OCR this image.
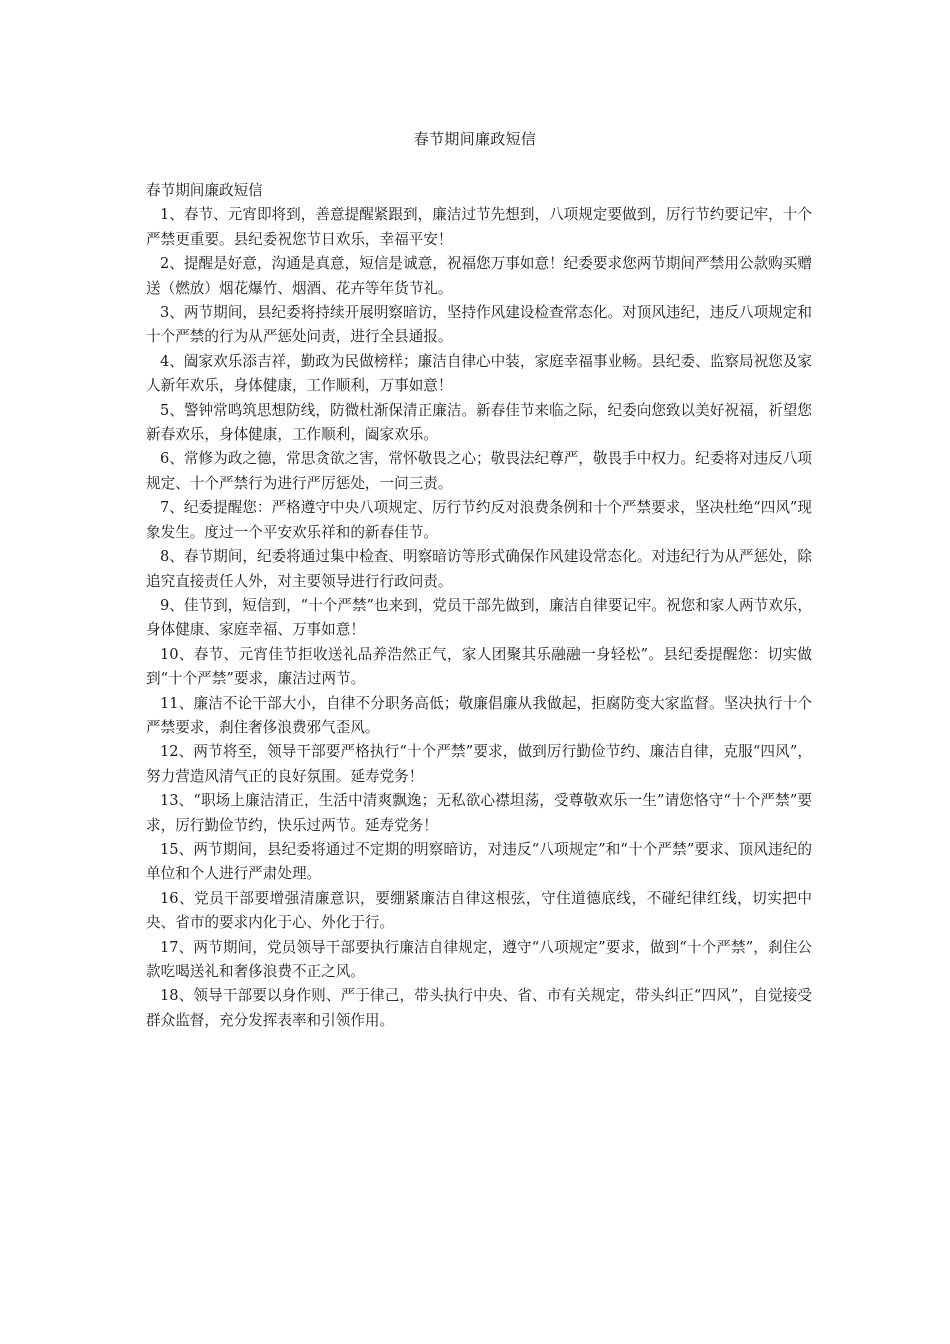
春节期间廉政短信

春节期间廉政短信

1、春节、元宵即将到，善意提醒紧跟到，廉洁过节先想到，八项规定要做到，厉行节约要记牢，十个严禁更重要。县纪委祝您节日欢乐，幸福平安！

2、提醒是好意，沟通是真意，短信是诚意，祝福您万事如意！纪委要求您两节期间严禁用公款购买赠送（燃放）烟花爆竹、烟酒、花卉等年货节礼。

3、两节期间，县纪委将持续开展明察暗访，坚持作风建设检查常态化。对顶风违纪，违反八项规定和十个严禁的行为从严惩处问责，进行全县通报。

4、阖家欢乐添吉祥，勤政为民做榜样；廉洁自律心中装，家庭幸福事业畅。县纪委、监察局祝您及家人新年欢乐，身体健康，工作顺利，万事如意！

5、警钟常鸣筑思想防线，防微杜渐保清正廉洁。新春佳节来临之际，纪委向您致以美好祝福，祈望您新春欢乐，身体健康，工作顺利，阖家欢乐。

6、常修为政之德，常思贪欲之害，常怀敬畏之心；敬畏法纪尊严，敬畏手中权力。纪委将对违反八项规定、十个严禁行为进行严厉惩处，一问三责。

7、纪委提醒您：严格遵守中央八项规定、厉行节约反对浪费条例和十个严禁要求，坚决杜绝“四风”现象发生。度过一个平安欢乐祥和的新春佳节。

8、春节期间，纪委将通过集中检查、明察暗访等形式确保作风建设常态化。对违纪行为从严惩处，除追究直接责任人外，对主要领导进行行政问责。

9、佳节到，短信到，“十个严禁”也来到，党员干部先做到，廉洁自律要记牢。祝您和家人两节欢乐，身体健康、家庭幸福、万事如意！

10、春节、元宵佳节拒收送礼品养浩然正气，家人团聚其乐融融一身轻松”。县纪委提醒您：切实做到“十个严禁”要求，廉洁过两节。

11、廉洁不论干部大小，自律不分职务高低；敬廉倡廉从我做起，拒腐防变大家监督。坚决执行十个严禁要求，刹住奢侈浪费邪气歪风。

12、两节将至，领导干部要严格执行“十个严禁”要求，做到厉行勤俭节约、廉洁自律，克服“四风”，努力营造风清气正的良好氛围。延寿党务！

13、“职场上廉洁清正，生活中清爽飘逸；无私欲心襟坦荡，受尊敬欢乐一生”请您恪守“十个严禁”要求，厉行勤俭节约，快乐过两节。延寿党务！

15、两节期间，县纪委将通过不定期的明察暗访，对违反“八项规定”和“十个严禁”要求、顶风违纪的单位和个人进行严肃处理。

16、党员干部要增强清廉意识，要绷紧廉洁自律这根弦，守住道德底线，不碰纪律红线，切实把中央、省市的要求内化于心、外化于行。

17、两节期间，党员领导干部要执行廉洁自律规定，遵守“八项规定”要求，做到“十个严禁”，刹住公款吃喝送礼和奢侈浪费不正之风。

18、领导干部要以身作则、严于律己，带头执行中央、省、市有关规定，带头纠正“四风”，自觉接受群众监督，充分发挥表率和引领作用。
